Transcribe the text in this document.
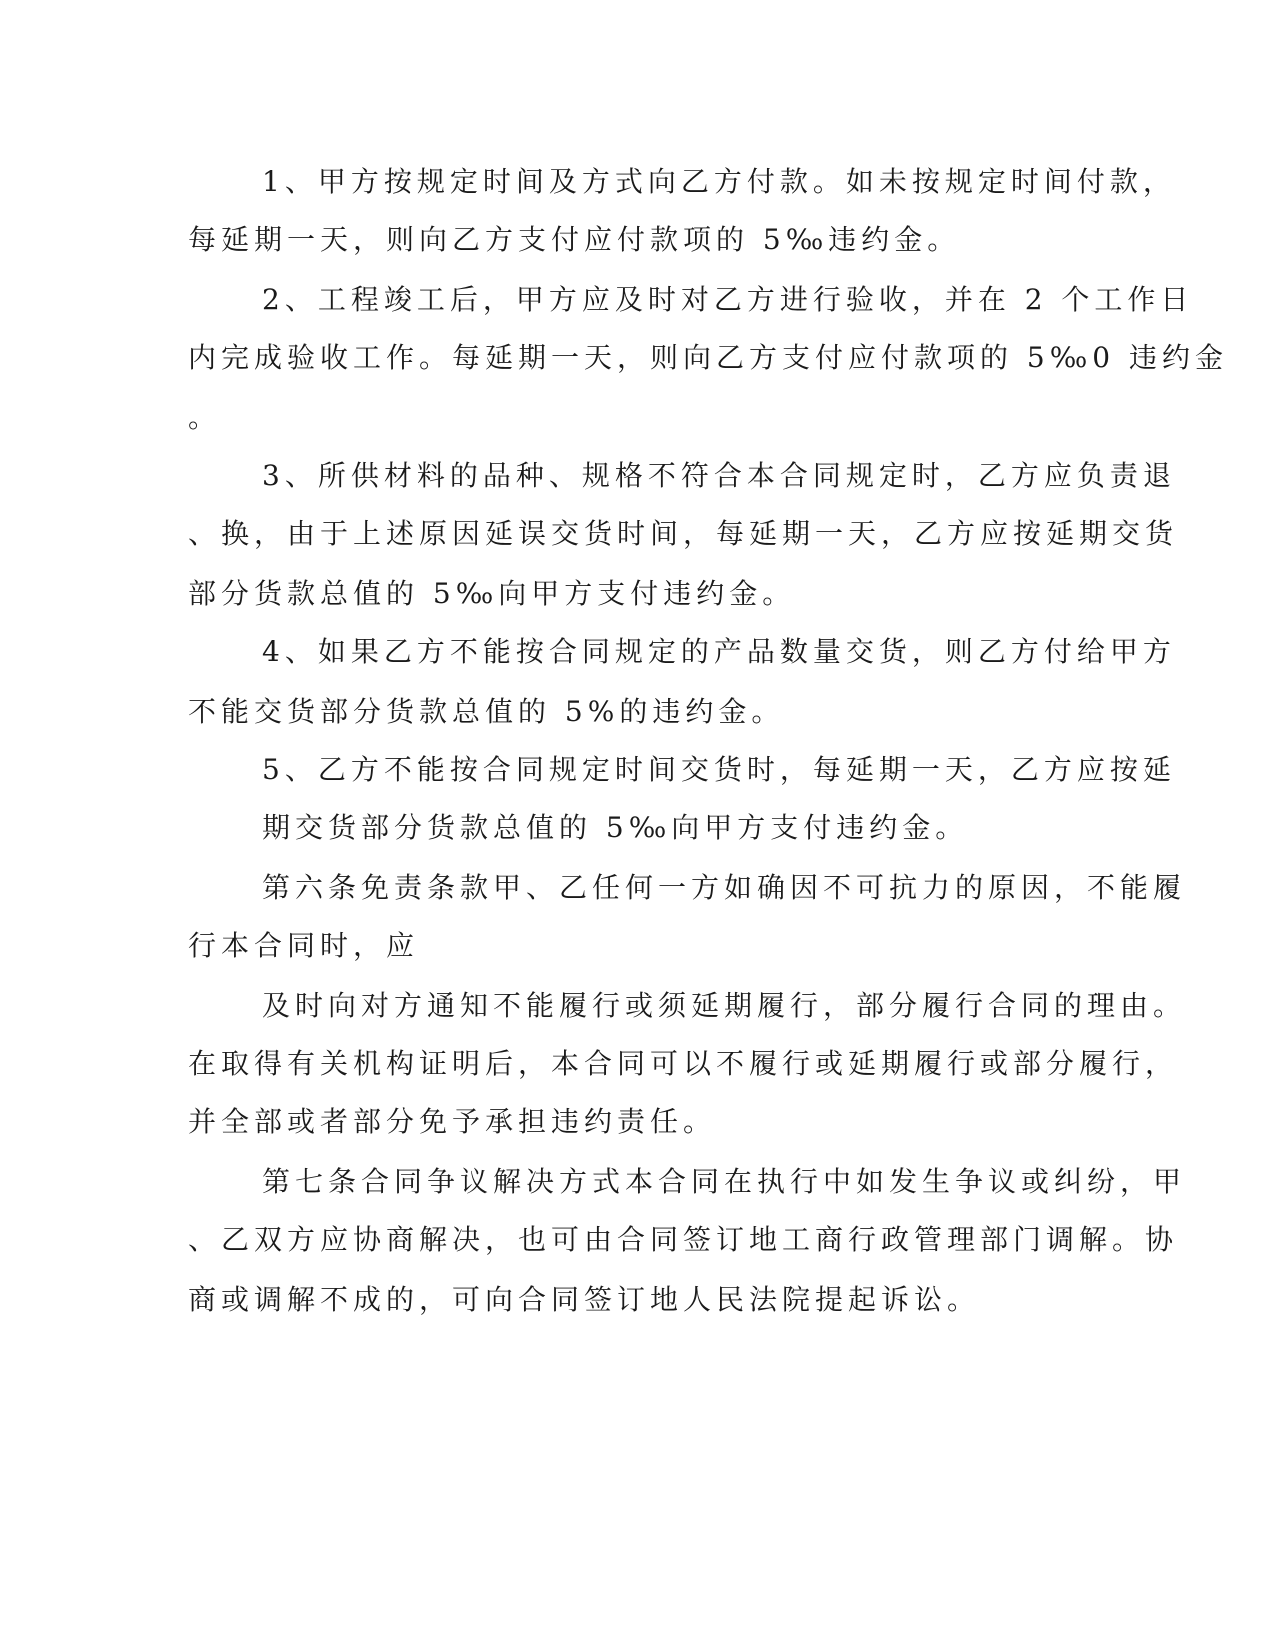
1、甲方按规定时间及方式向乙方付款。如未按规定时间付款，
每延期一天，则向乙方支付应付款项的 5‰违约金。
2、工程竣工后，甲方应及时对乙方进行验收，并在 2 个工作日
内完成验收工作。每延期一天，则向乙方支付应付款项的 5‰0 违约金
。
3、所供材料的品种、规格不符合本合同规定时，乙方应负责退
、换，由于上述原因延误交货时间，每延期一天，乙方应按延期交货
部分货款总值的 5‰向甲方支付违约金。
4、如果乙方不能按合同规定的产品数量交货，则乙方付给甲方
不能交货部分货款总值的 5%的违约金。
5、乙方不能按合同规定时间交货时，每延期一天，乙方应按延
期交货部分货款总值的 5‰向甲方支付违约金。
第六条免责条款甲、乙任何一方如确因不可抗力的原因，不能履
行本合同时，应
及时向对方通知不能履行或须延期履行，部分履行合同的理由。
在取得有关机构证明后，本合同可以不履行或延期履行或部分履行，
并全部或者部分免予承担违约责任。
第七条合同争议解决方式本合同在执行中如发生争议或纠纷，甲
、乙双方应协商解决，也可由合同签订地工商行政管理部门调解。协
商或调解不成的，可向合同签订地人民法院提起诉讼。
